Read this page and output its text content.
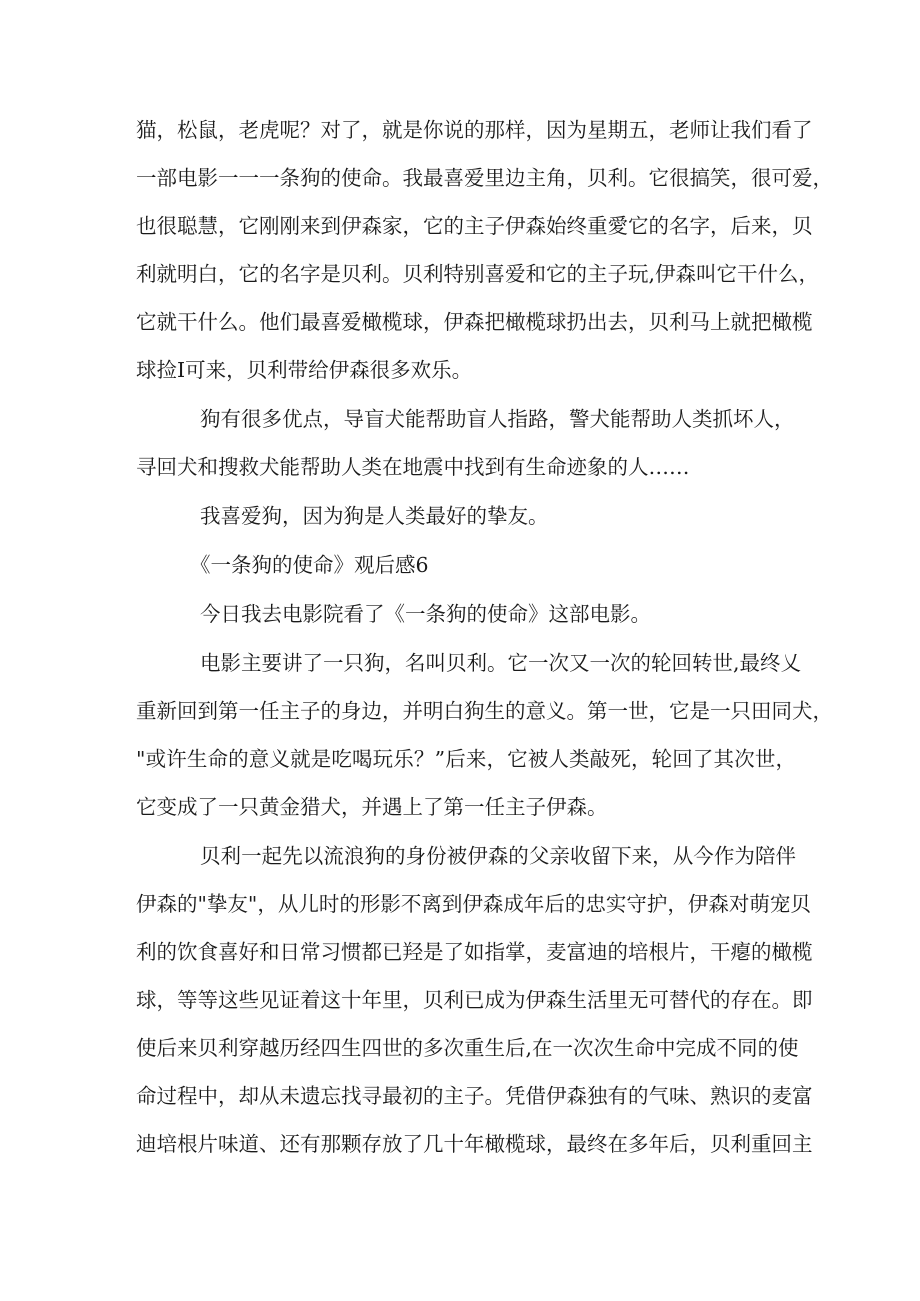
猫，松鼠，老虎呢？对了，就是你说的那样，因为星期五，老师让我们看了
一部电影一一一条狗的使命。我最喜爱里边主角，贝利。它很搞笑，很可爱，
也很聪慧，它刚刚来到伊森家，它的主子伊森始终重愛它的名字，后来，贝
利就明白，它的名字是贝利。贝利特别喜爱和它的主子玩,伊森叫它干什么，
它就干什么。他们最喜爱橄榄球，伊森把橄榄球扔出去，贝利马上就把橄榄
球捡Ⅰ可来，贝利带给伊森很多欢乐。
狗有很多优点，导盲犬能帮助盲人指路，警犬能帮助人类抓坏人，
寻回犬和搜救犬能帮助人类在地震中找到有生命迹象的人……
我喜爱狗，因为狗是人类最好的挚友。
《一条狗的使命》观后感6
今日我去电影院看了《一条狗的使命》这部电影。
电影主要讲了一只狗，名叫贝利。它一次又一次的轮回转世,最终乂
重新回到第一任主子的身边，并明白狗生的意义。第一世，它是一只田同犬，
"或许生命的意义就是吃喝玩乐？”后来，它被人类敲死，轮回了其次世，
它变成了一只黄金猎犬，并遇上了第一任主子伊森。
贝利一起先以流浪狗的身份被伊森的父亲收留下来，从今作为陪伴
伊森的"挚友"，从儿时的形影不离到伊森成年后的忠实守护，伊森对萌宠贝
利的饮食喜好和日常习惯都已羟是了如指掌，麦富迪的培根片，干瘪的橄榄
球，等等这些见证着这十年里，贝利已成为伊森生活里无可替代的存在。即
使后来贝利穿越历经四生四世的多次重生后,在一次次生命中完成不同的使
命过程中，却从未遗忘找寻最初的主子。凭借伊森独有的气味、熟识的麦富
迪培根片味道、还有那颗存放了几十年橄榄球，最终在多年后，贝利重回主
